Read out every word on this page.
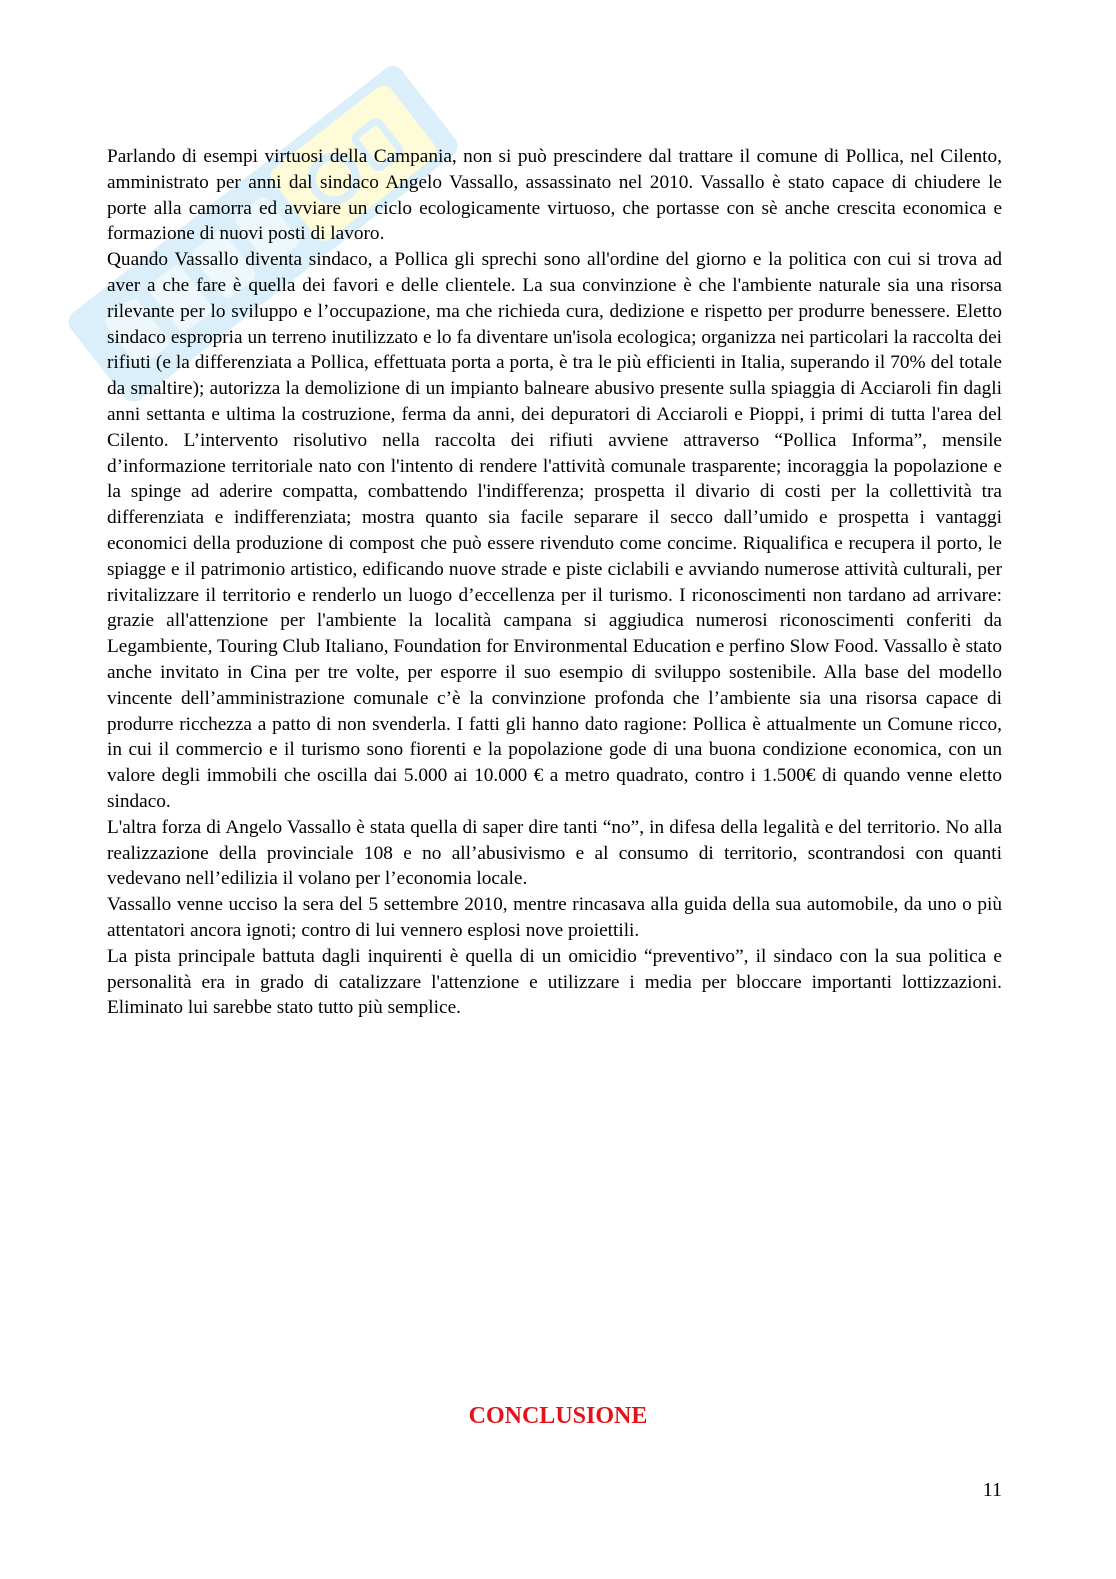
Parlando di esempi virtuosi della Campania, non si può prescindere dal trattare il comune di Pollica, nel Cilento, amministrato per anni dal sindaco Angelo Vassallo, assassinato nel 2010. Vassallo è stato capace di chiudere le porte alla camorra ed avviare un ciclo ecologicamente virtuoso, che portasse con sè anche crescita economica e formazione di nuovi posti di lavoro.

Quando Vassallo diventa sindaco, a Pollica gli sprechi sono all'ordine del giorno e la politica con cui si trova ad aver a che fare è quella dei favori e delle clientele. La sua convinzione è che l'ambiente naturale sia una risorsa rilevante per lo sviluppo e l’occupazione, ma che richieda cura, dedizione e rispetto per produrre benessere. Eletto sindaco espropria un terreno inutilizzato e lo fa diventare un'isola ecologica; organizza nei particolari la raccolta dei rifiuti (e la differenziata a Pollica, effettuata porta a porta, è tra le più efficienti in Italia, superando il 70% del totale da smaltire); autorizza la demolizione di un impianto balneare abusivo presente sulla spiaggia di Acciaroli fin dagli anni settanta e ultima la costruzione, ferma da anni, dei depuratori di Acciaroli e Pioppi, i primi di tutta l'area del Cilento. L’intervento risolutivo nella raccolta dei rifiuti avviene attraverso “Pollica Informa”, mensile d’informazione territoriale nato con l'intento di rendere l'attività comunale trasparente; incoraggia la popolazione e la spinge ad aderire compatta, combattendo l'indifferenza; prospetta il divario di costi per la collettività tra differenziata e indifferenziata; mostra quanto sia facile separare il secco dall’umido e prospetta i vantaggi economici della produzione di compost che può essere rivenduto come concime. Riqualifica e recupera il porto, le spiagge e il patrimonio artistico, edificando nuove strade e piste ciclabili e avviando numerose attività culturali, per rivitalizzare il territorio e renderlo un luogo d’eccellenza per il turismo. I riconoscimenti non tardano ad arrivare: grazie all'attenzione per l'ambiente la località campana si aggiudica numerosi riconoscimenti conferiti da Legambiente, Touring Club Italiano, Foundation for Environmental Education e perfino Slow Food. Vassallo è stato anche invitato in Cina per tre volte, per esporre il suo esempio di sviluppo sostenibile. Alla base del modello vincente dell’amministrazione comunale c’è la convinzione profonda che l’ambiente sia una risorsa capace di produrre ricchezza a patto di non svenderla. I fatti gli hanno dato ragione: Pollica è attualmente un Comune ricco, in cui il commercio e il turismo sono fiorenti e la popolazione gode di una buona condizione economica, con un valore degli immobili che oscilla dai 5.000 ai 10.000 € a metro quadrato, contro i 1.500€ di quando venne eletto sindaco.

L'altra forza di Angelo Vassallo è stata quella di saper dire tanti “no”, in difesa della legalità e del territorio. No alla realizzazione della provinciale 108 e no all’abusivismo e al consumo di territorio, scontrandosi con quanti vedevano nell’edilizia il volano per l’economia locale.

Vassallo venne ucciso la sera del 5 settembre 2010, mentre rincasava alla guida della sua automobile, da uno o più attentatori ancora ignoti; contro di lui vennero esplosi nove proiettili.

La pista principale battuta dagli inquirenti è quella di un omicidio “preventivo”, il sindaco con la sua politica e personalità era in grado di catalizzare l'attenzione e utilizzare i media per bloccare importanti lottizzazioni. Eliminato lui sarebbe stato tutto più semplice.

CONCLUSIONE
11
